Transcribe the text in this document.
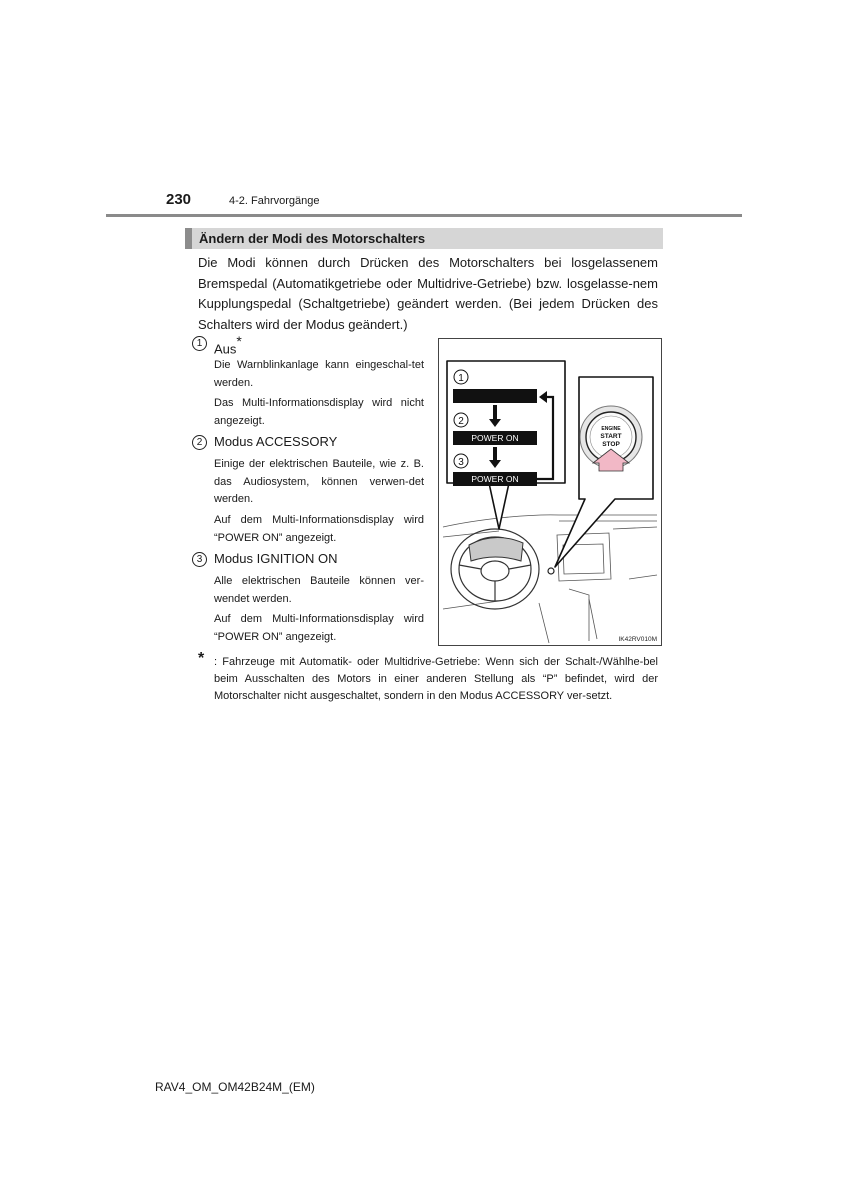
230	4-2. Fahrvorgänge
Ändern der Modi des Motorschalters

Die Modi können durch Drücken des Motorschalters bei losgelassenem Bremspedal (Automatikgetriebe oder Multidrive-Getriebe) bzw. losgelasse-nem Kupplungspedal (Schaltgetriebe) geändert werden. (Bei jedem Drücken des Schalters wird der Modus geändert.)

1 Aus*

Die Warnblinkanlage kann eingeschal-tet werden.

Das Multi-Informationsdisplay wird nicht angezeigt.

2 Modus ACCESSORY

Einige der elektrischen Bauteile, wie z. B. das Audiosystem, können verwen-det werden.

Auf dem Multi-Informationsdisplay wird “POWER ON” angezeigt.

3 Modus IGNITION ON

Alle elektrischen Bauteile können ver-wendet werden.

Auf dem Multi-Informationsdisplay wird “POWER ON” angezeigt.

1
2
3
POWER ON
POWER ON
ENGINE
START
STOP
IK42RV010M
* : Fahrzeuge mit Automatik- oder Multidrive-Getriebe: Wenn sich der Schalt-/Wählhe-bel beim Ausschalten des Motors in einer anderen Stellung als “P” befindet, wird der Motorschalter nicht ausgeschaltet, sondern in den Modus ACCESSORY ver-setzt.

RAV4_OM_OM42B24M_(EM)
